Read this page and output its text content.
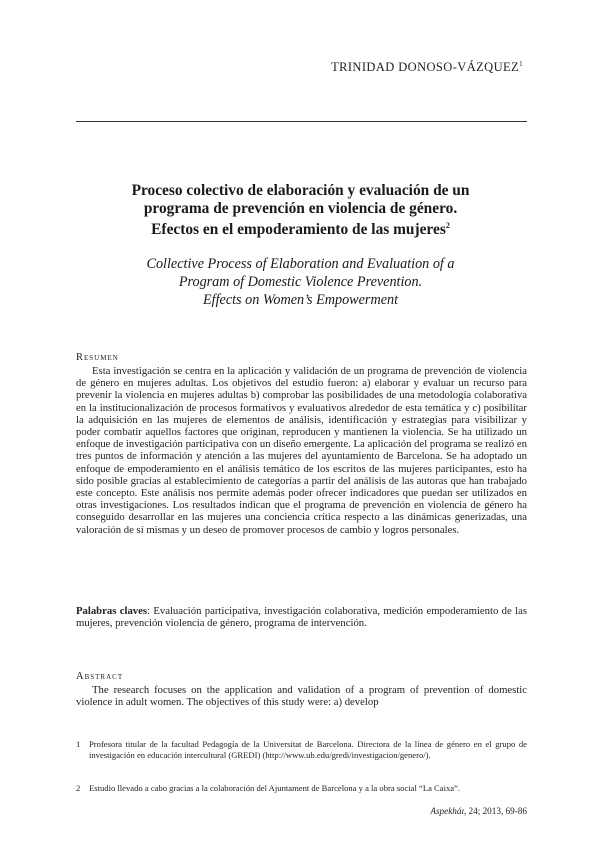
TRINIDAD DONOSO-VÁZQUEZ$^1$
Proceso colectivo de elaboración y evaluación de un
programa de prevención en violencia de género.
Efectos en el empoderamiento de las mujeres$^2$
Collective Process of Elaboration and Evaluation of a
Program of Domestic Violence Prevention.
Effects on Women’s Empowerment
Resumen

Esta investigación se centra en la aplicación y validación de un programa de prevención de violencia de género en mujeres adultas. Los objetivos del estudio fueron: a) elaborar y evaluar un recurso para prevenir la violencia en mujeres adultas b) comprobar las posibilidades de una metodología colaborativa en la institucionalización de procesos formativos y evaluativos alrededor de esta temática y c) posibilitar la adquisición en las mujeres de elementos de análisis, identificación y estrategias para visibilizar y poder combatir aquellos factores que originan, reproducen y mantienen la violencia. Se ha utilizado un enfoque de investigación participativa con un diseño emergente. La aplicación del programa se realizó en tres puntos de información y atención a las mujeres del ayuntamiento de Barcelona. Se ha adoptado un enfoque de empoderamiento en el análisis temático de los escritos de las mujeres participantes, esto ha sido posible gracias al establecimiento de categorías a partir del análisis de las autoras que han trabajado este concepto. Este análisis nos permite además poder ofrecer indicadores que puedan ser utilizados en otras investigaciones. Los resultados indican que el programa de prevención en violencia de género ha conseguido desarrollar en las mujeres una conciencia crítica respecto a las dinámicas generizadas, una valoración de sí mismas y un deseo de promover procesos de cambio y logros personales.

Palabras claves: Evaluación participativa, investigación colaborativa, medición empoderamiento de las mujeres, prevención violencia de género, programa de intervención.
Abstract

The research focuses on the application and validation of a program of prevention of domestic violence in adult women. The objectives of this study were: a) develop

1 Profesora titular de la facultad Pedagogía de la Universitat de Barcelona. Directora de la línea de género en el grupo de investigación en educación intercultural (GREDI) (http://www.ub.edu/gredi/investigacion/genero/).
2 Estudio llevado a cabo gracias a la colaboración del Ajuntament de Barcelona y a la obra social “La Caixa”.
Aspekháɪ, 24; 2013, 69-86
